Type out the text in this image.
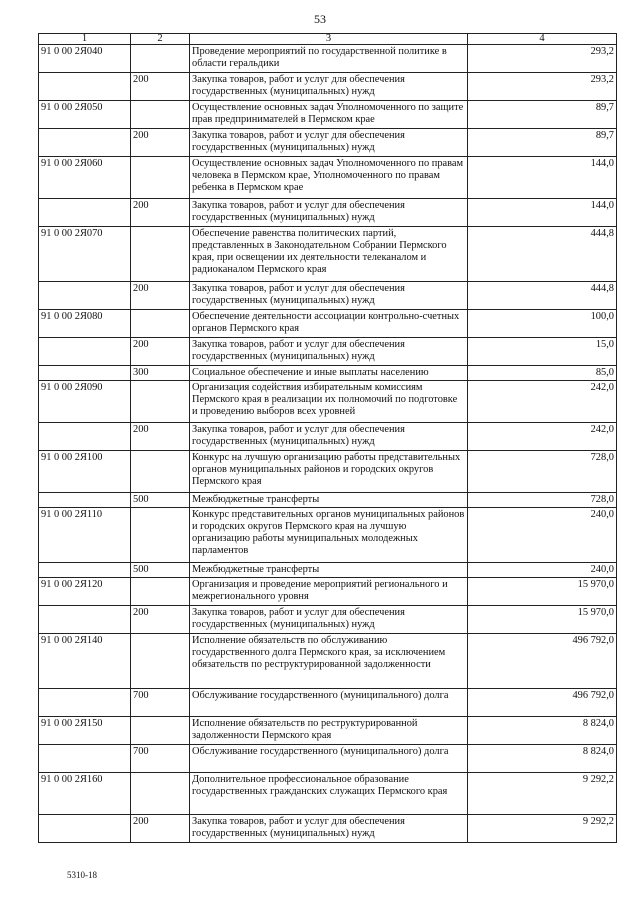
53
1	2	3	4
91 0 00 2Я040		Проведение мероприятий по государственной политике в области геральдики	293,2
	200	Закупка товаров, работ и услуг для обеспечения государственных (муниципальных) нужд	293,2
91 0 00 2Я050		Осуществление основных задач Уполномоченного по защите прав предпринимателей в Пермском крае	89,7
	200	Закупка товаров, работ и услуг для обеспечения государственных (муниципальных) нужд	89,7
91 0 00 2Я060		Осуществление основных задач Уполномоченного по правам человека в Пермском крае, Уполномоченного по правам ребенка в Пермском крае	144,0
	200	Закупка товаров, работ и услуг для обеспечения государственных (муниципальных) нужд	144,0
91 0 00 2Я070		Обеспечение равенства политических партий, представленных в Законодательном Собрании Пермского края, при освещении их деятельности телеканалом и радиоканалом Пермского края	444,8
	200	Закупка товаров, работ и услуг для обеспечения государственных (муниципальных) нужд	444,8
91 0 00 2Я080		Обеспечение деятельности ассоциации контрольно-счетных органов Пермского края	100,0
	200	Закупка товаров, работ и услуг для обеспечения государственных (муниципальных) нужд	15,0
	300	Социальное обеспечение и иные выплаты населению	85,0
91 0 00 2Я090		Организация содействия избирательным комиссиям Пермского края в реализации их полномочий по подготовке и проведению выборов всех уровней	242,0
	200	Закупка товаров, работ и услуг для обеспечения государственных (муниципальных) нужд	242,0
91 0 00 2Я100		Конкурс на лучшую организацию работы представительных органов муниципальных районов и городских округов Пермского края	728,0
	500	Межбюджетные трансферты	728,0
91 0 00 2Я110		Конкурс представительных органов муниципальных районов и городских округов Пермского края на лучшую организацию работы муниципальных молодежных парламентов	240,0
	500	Межбюджетные трансферты	240,0
91 0 00 2Я120		Организация и проведение мероприятий регионального и межрегионального уровня	15 970,0
	200	Закупка товаров, работ и услуг для обеспечения государственных (муниципальных) нужд	15 970,0
91 0 00 2Я140		Исполнение обязательств по обслуживанию государственного долга Пермского края, за исключением обязательств по реструктурированной задолженности	496 792,0
	700	Обслуживание государственного (муниципального) долга	496 792,0
91 0 00 2Я150		Исполнение обязательств по реструктурированной задолженности Пермского края	8 824,0
	700	Обслуживание государственного (муниципального) долга	8 824,0
91 0 00 2Я160		Дополнительное профессиональное образование государственных гражданских служащих Пермского края	9 292,2
	200	Закупка товаров, работ и услуг для обеспечения государственных (муниципальных) нужд	9 292,2
5310-18
